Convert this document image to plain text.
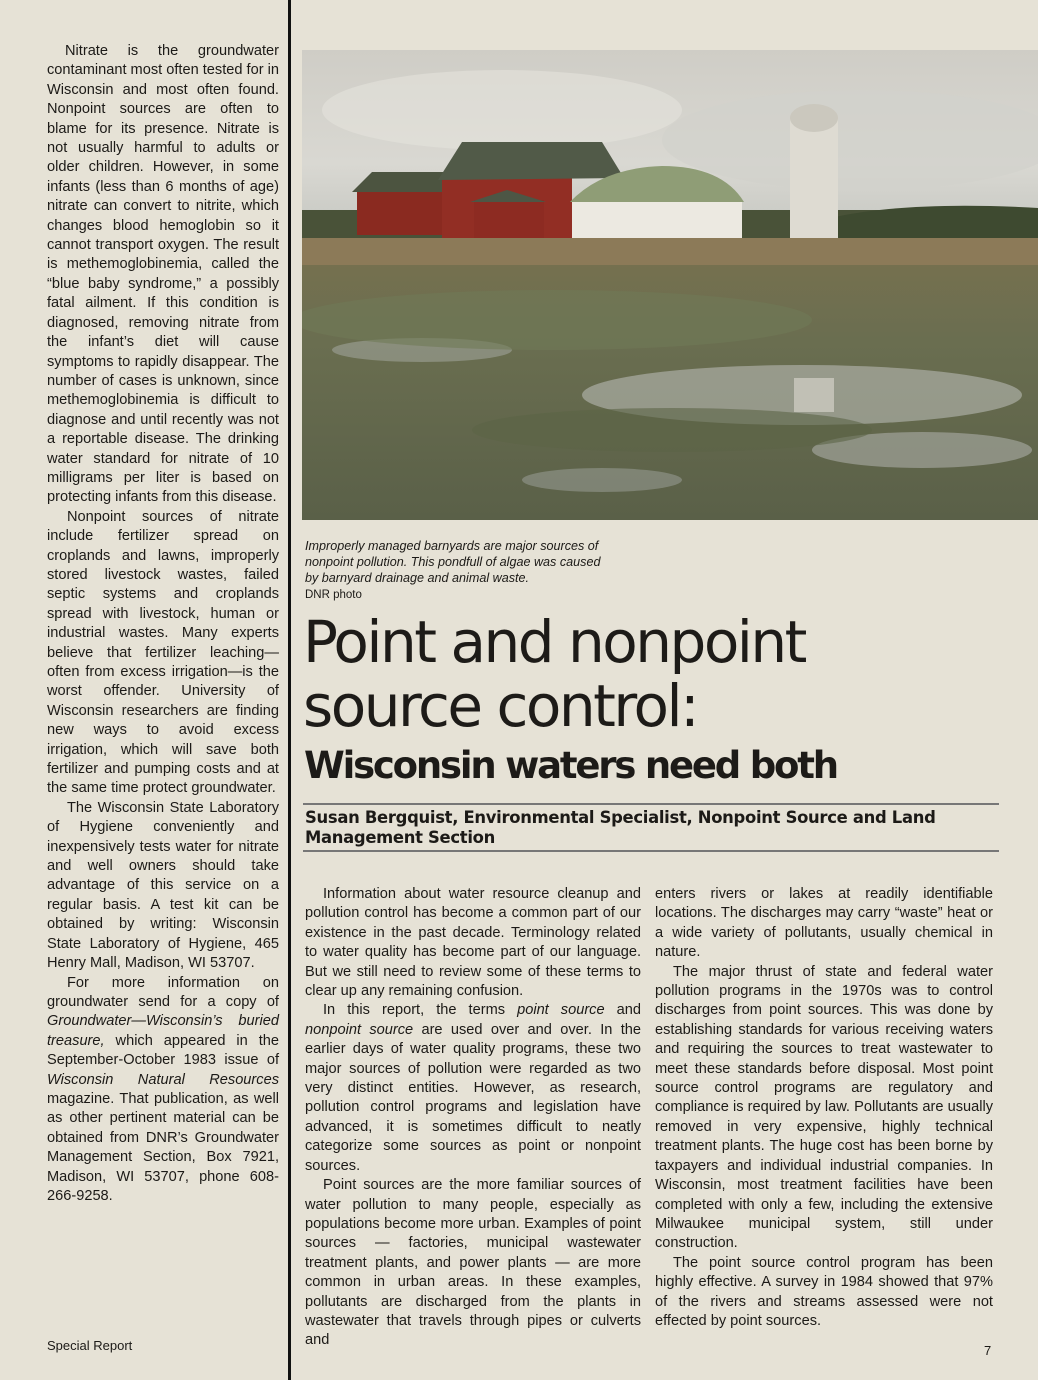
Nitrate is the groundwater contaminant most often tested for in Wisconsin and most often found. Nonpoint sources are often to blame for its presence. Nitrate is not usually harmful to adults or older children. However, in some infants (less than 6 months of age) nitrate can convert to nitrite, which changes blood hemoglobin so it cannot transport oxygen. The result is methemoglobinemia, called the “blue baby syndrome,” a possibly fatal ailment. If this condition is diagnosed, removing nitrate from the infant’s diet will cause symptoms to rapidly disappear. The number of cases is unknown, since methemoglobinemia is difficult to diagnose and until recently was not a reportable disease. The drinking water standard for nitrate of 10 milligrams per liter is based on protecting infants from this disease.

Nonpoint sources of nitrate include fertilizer spread on croplands and lawns, improperly stored livestock wastes, failed septic systems and croplands spread with livestock, human or industrial wastes. Many experts believe that fertilizer leaching—often from excess irrigation—is the worst offender. University of Wisconsin researchers are finding new ways to avoid excess irrigation, which will save both fertilizer and pumping costs and at the same time protect groundwater.

The Wisconsin State Laboratory of Hygiene conveniently and inexpensively tests water for nitrate and well owners should take advantage of this service on a regular basis. A test kit can be obtained by writing: Wisconsin State Laboratory of Hygiene, 465 Henry Mall, Madison, WI 53707.

For more information on groundwater send for a copy of Groundwater—Wisconsin’s buried treasure, which appeared in the September-October 1983 issue of Wisconsin Natural Resources magazine. That publication, as well as other pertinent material can be obtained from DNR’s Groundwater Management Section, Box 7921, Madison, WI 53707, phone 608-266-9258.

Improperly managed barnyards are major sources of nonpoint pollution. This pondfull of algae was caused by barnyard drainage and animal waste.
DNR photo
Point and nonpoint
source control:
Wisconsin waters need both
Susan Bergquist, Environmental Specialist, Nonpoint Source and Land Management Section

Information about water resource cleanup and pollution control has become a common part of our existence in the past decade. Terminology related to water quality has become part of our language. But we still need to review some of these terms to clear up any remaining confusion.

In this report, the terms point source and nonpoint source are used over and over. In the earlier days of water quality programs, these two major sources of pollution were regarded as two very distinct entities. However, as research, pollution control programs and legislation have advanced, it is sometimes difficult to neatly categorize some sources as point or nonpoint sources.

Point sources are the more familiar sources of water pollution to many people, especially as populations become more urban. Examples of point sources — factories, municipal wastewater treatment plants, and power plants — are more common in urban areas. In these examples, pollutants are discharged from the plants in wastewater that travels through pipes or culverts and

enters rivers or lakes at readily identifiable locations. The discharges may carry “waste” heat or a wide variety of pollutants, usually chemical in nature.

The major thrust of state and federal water pollution programs in the 1970s was to control discharges from point sources. This was done by establishing standards for various receiving waters and requiring the sources to treat wastewater to meet these standards before disposal. Most point source control programs are regulatory and compliance is required by law. Pollutants are usually removed in very expensive, highly technical treatment plants. The huge cost has been borne by taxpayers and individual industrial companies. In Wisconsin, most treatment facilities have been completed with only a few, including the extensive Milwaukee municipal system, still under construction.

The point source control program has been highly effective. A survey in 1984 showed that 97% of the rivers and streams assessed were not effected by point sources.

Special Report	7
